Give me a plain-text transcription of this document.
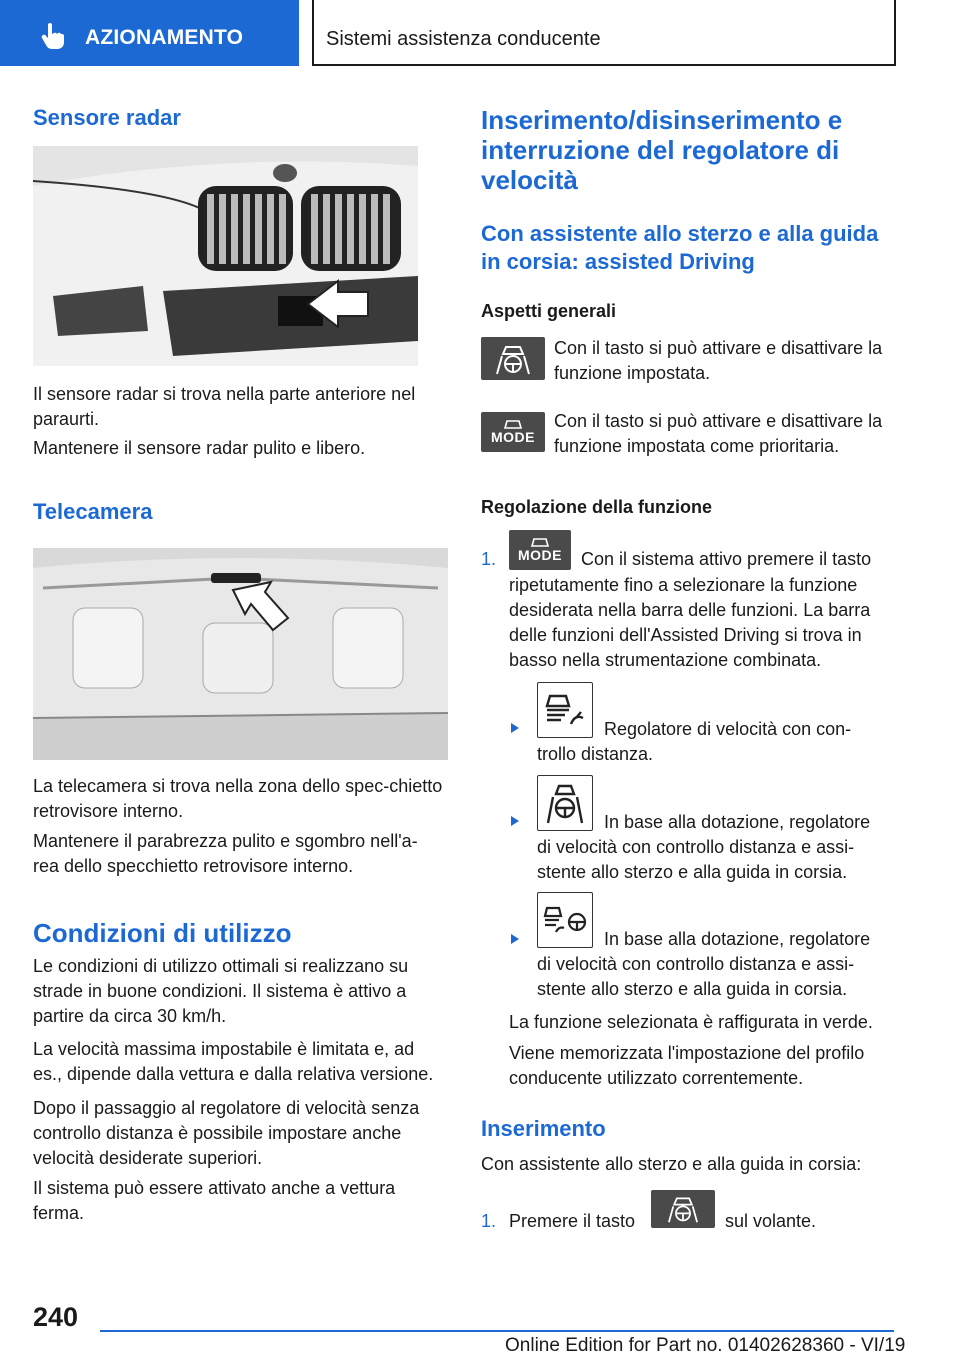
AZIONAMENTO	Sistemi assistenza conducente
Sensore radar
Il sensore radar si trova nella parte anteriore nel paraurti.
Mantenere il sensore radar pulito e libero.
Telecamera
La telecamera si trova nella zona dello spec-chietto retrovisore interno.
Mantenere il parabrezza pulito e sgombro nell'a-rea dello specchietto retrovisore interno.
Condizioni di utilizzo
Le condizioni di utilizzo ottimali si realizzano su strade in buone condizioni. Il sistema è attivo a partire da circa 30 km/h.
La velocità massima impostabile è limitata e, ad es., dipende dalla vettura e dalla relativa versione.
Dopo il passaggio al regolatore di velocità senza controllo distanza è possibile impostare anche velocità desiderate superiori.
Il sistema può essere attivato anche a vettura ferma.
Inserimento/disinserimento e interruzione del regolatore di velocità
Con assistente allo sterzo e alla guida in corsia: assisted Driving
Aspetti generali
Con il tasto si può attivare e disattivare la funzione impostata.
MODE
Con il tasto si può attivare e disattivare la funzione impostata come prioritaria.
Regolazione della funzione
1. MODE Con il sistema attivo premere il tasto
ripetutamente fino a selezionare la funzione desiderata nella barra delle funzioni. La barra delle funzioni dell'Assisted Driving si trova in basso nella strumentazione combinata.
Regolatore di velocità con con-
trollo distanza.
In base alla dotazione, regolatore
di velocità con controllo distanza e assi-stente allo sterzo e alla guida in corsia.
In base alla dotazione, regolatore
di velocità con controllo distanza e assi-stente allo sterzo e alla guida in corsia.
La funzione selezionata è raffigurata in verde.
Viene memorizzata l'impostazione del profilo conducente utilizzato correntemente.
Inserimento
Con assistente allo sterzo e alla guida in corsia:
1. Premere il tasto	sul volante.
240
Online Edition for Part no. 01402628360 - VI/19
